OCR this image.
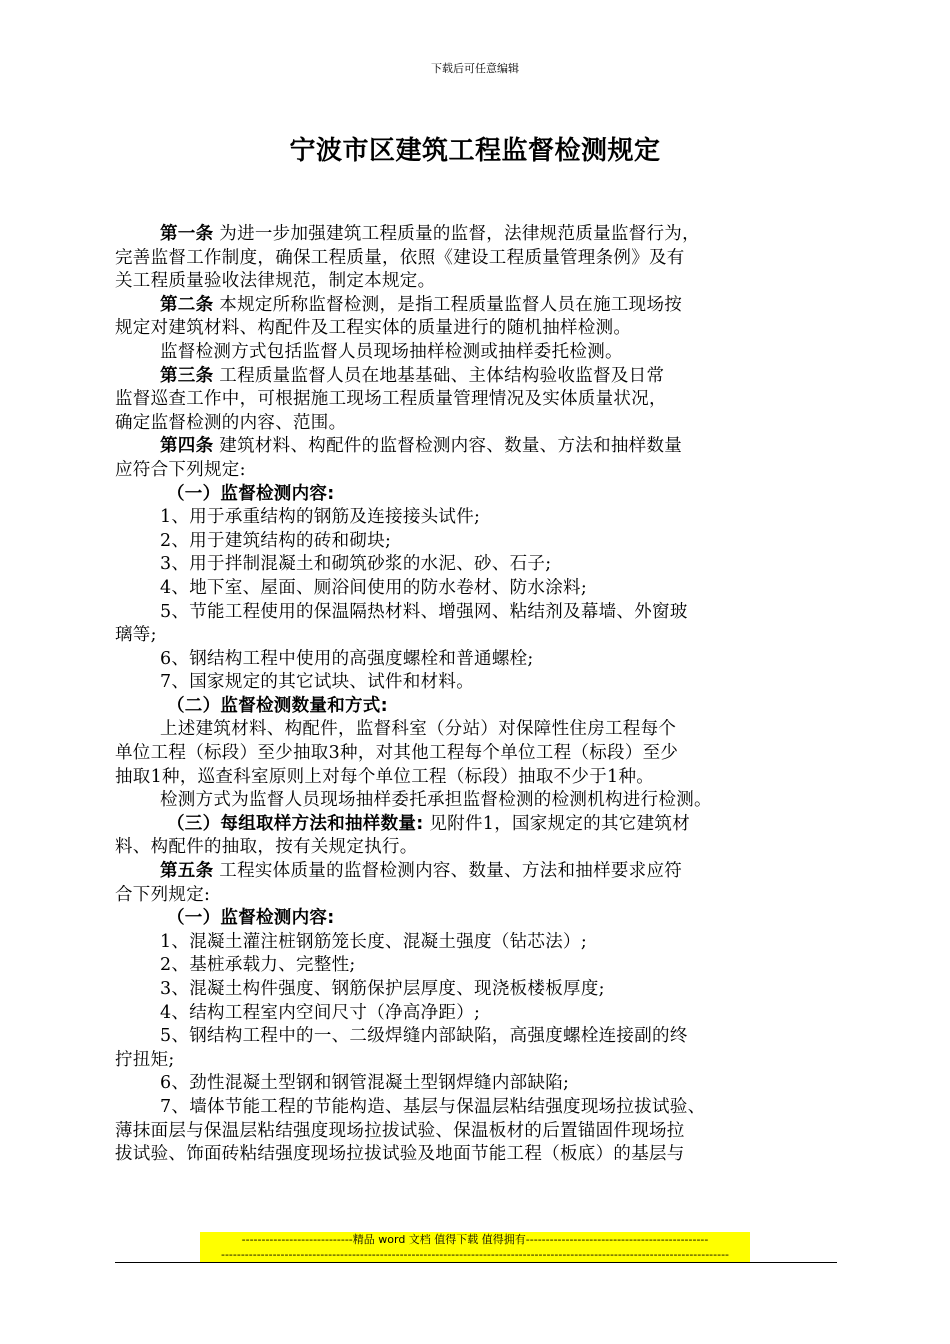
下载后可任意编辑
宁波市区建筑工程监督检测规定
第一条 为进一步加强建筑工程质量的监督，法律规范质量监督行为，
完善监督工作制度，确保工程质量，依照《建设工程质量管理条例》及有
关工程质量验收法律规范，制定本规定。
第二条 本规定所称监督检测，是指工程质量监督人员在施工现场按
规定对建筑材料、构配件及工程实体的质量进行的随机抽样检测。
监督检测方式包括监督人员现场抽样检测或抽样委托检测。
第三条 工程质量监督人员在地基基础、主体结构验收监督及日常
监督巡查工作中，可根据施工现场工程质量管理情况及实体质量状况，
确定监督检测的内容、范围。
第四条 建筑材料、构配件的监督检测内容、数量、方法和抽样数量
应符合下列规定:
（一）监督检测内容:
1、用于承重结构的钢筋及连接接头试件;
2、用于建筑结构的砖和砌块;
3、用于拌制混凝土和砌筑砂浆的水泥、砂、石子;
4、地下室、屋面、厕浴间使用的防水卷材、防水涂料;
5、节能工程使用的保温隔热材料、增强网、粘结剂及幕墙、外窗玻
璃等;
6、钢结构工程中使用的高强度螺栓和普通螺栓;
7、国家规定的其它试块、试件和材料。
（二）监督检测数量和方式:
上述建筑材料、构配件，监督科室（分站）对保障性住房工程每个
单位工程（标段）至少抽取3种，对其他工程每个单位工程（标段）至少
抽取1种，巡查科室原则上对每个单位工程（标段）抽取不少于1种。
检测方式为监督人员现场抽样委托承担监督检测的检测机构进行检测。
（三）每组取样方法和抽样数量: 见附件1，国家规定的其它建筑材
料、构配件的抽取，按有关规定执行。
第五条 工程实体质量的监督检测内容、数量、方法和抽样要求应符
合下列规定:
（一）监督检测内容:
1、混凝土灌注桩钢筋笼长度、混凝土强度（钻芯法）;
2、基桩承载力、完整性;
3、混凝土构件强度、钢筋保护层厚度、现浇板楼板厚度;
4、结构工程室内空间尺寸（净高净距）;
5、钢结构工程中的一、二级焊缝内部缺陷，高强度螺栓连接副的终
拧扭矩;
6、劲性混凝土型钢和钢管混凝土型钢焊缝内部缺陷;
7、墙体节能工程的节能构造、基层与保温层粘结强度现场拉拔试验、
薄抹面层与保温层粘结强度现场拉拔试验、保温板材的后置锚固件现场拉
拔试验、饰面砖粘结强度现场拉拔试验及地面节能工程（板底）的基层与
----------------------------精品 word 文档 值得下载 值得拥有----------------------------------------------
--------------------------------------------------------------------------------------------------------------------------------
